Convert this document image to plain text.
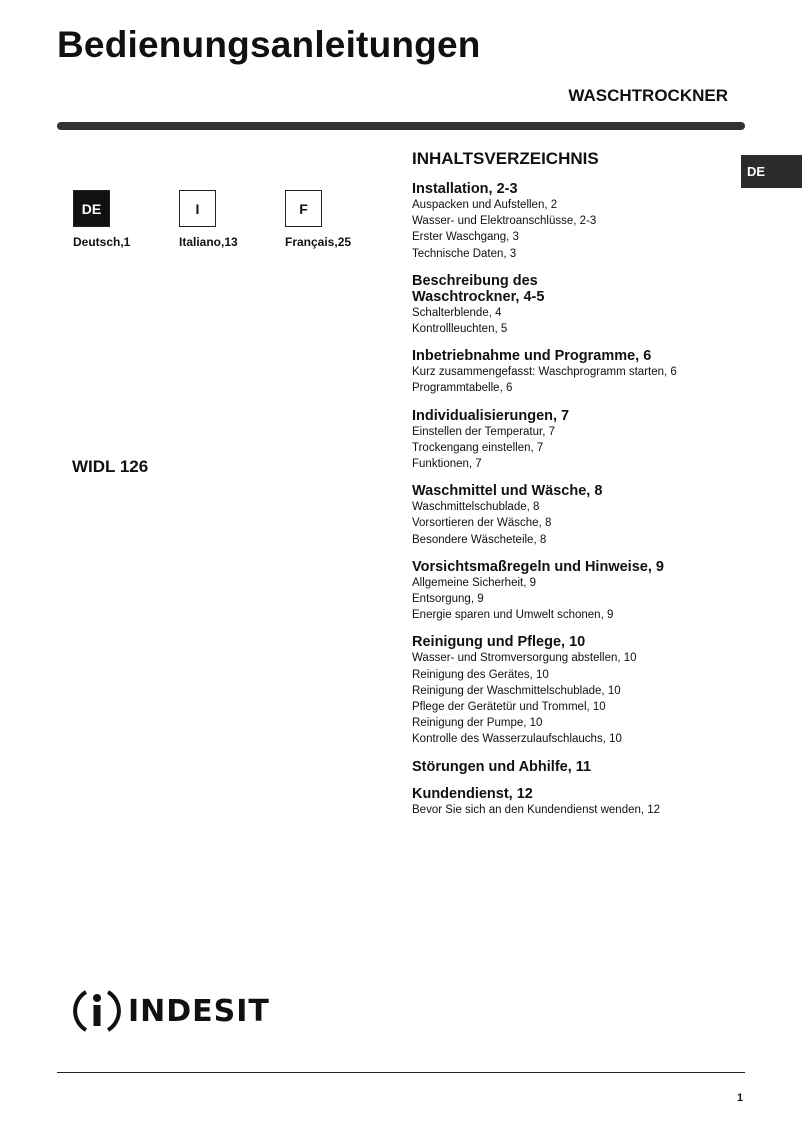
Bedienungsanleitungen
WASCHTROCKNER
DE
DE	I	F
Deutsch,1	Italiano,13	Français,25
WIDL 126
INHALTSVERZEICHNIS
Installation, 2-3
Auspacken und Aufstellen, 2
Wasser- und Elektroanschlüsse, 2-3
Erster Waschgang, 3
Technische Daten, 3
Beschreibung des
Waschtrockner, 4-5
Schalterblende, 4
Kontrollleuchten, 5
Inbetriebnahme und Programme, 6
Kurz zusammengefasst: Waschprogramm starten, 6
Programmtabelle, 6
Individualisierungen, 7
Einstellen der Temperatur, 7
Trockengang einstellen, 7
Funktionen, 7
Waschmittel und Wäsche, 8
Waschmittelschublade, 8
Vorsortieren der Wäsche, 8
Besondere Wäscheteile, 8
Vorsichtsmaßregeln und Hinweise, 9
Allgemeine Sicherheit, 9
Entsorgung, 9
Energie sparen und Umwelt schonen, 9
Reinigung und Pflege, 10
Wasser- und Stromversorgung abstellen, 10
Reinigung des Gerätes, 10
Reinigung der Waschmittelschublade, 10
Pflege der Gerätetür und Trommel, 10
Reinigung der Pumpe, 10
Kontrolle des Wasserzulaufschlauchs, 10
Störungen und Abhilfe, 11
Kundendienst, 12
Bevor Sie sich an den Kundendienst wenden, 12
INDESIT
1
